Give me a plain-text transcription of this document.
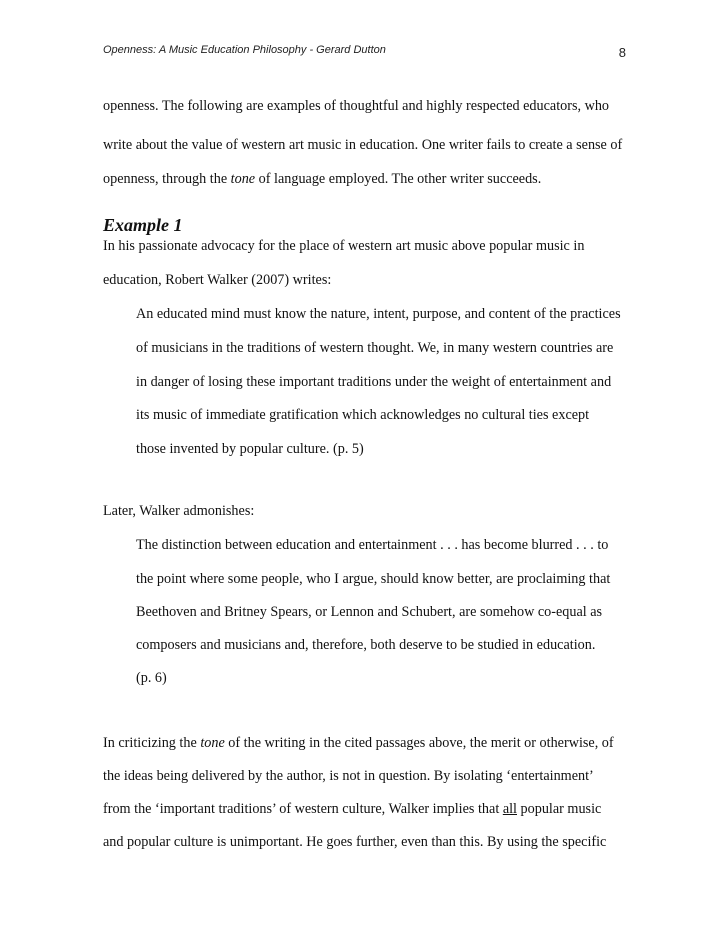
Openness: A Music Education Philosophy - Gerard Dutton	8
openness. The following are examples of thoughtful and highly respected educators, who
write about the value of western art music in education. One writer fails to create a sense of
openness, through the tone of language employed. The other writer succeeds.
Example 1
In his passionate advocacy for the place of western art music above popular music in
education, Robert Walker (2007) writes:
An educated mind must know the nature, intent, purpose, and content of the practices
of musicians in the traditions of western thought. We, in many western countries are
in danger of losing these important traditions under the weight of entertainment and
its music of immediate gratification which acknowledges no cultural ties except
those invented by popular culture. (p. 5)
Later, Walker admonishes:
The distinction between education and entertainment . . . has become blurred . . . to
the point where some people, who I argue, should know better, are proclaiming that
Beethoven and Britney Spears, or Lennon and Schubert, are somehow co-equal as
composers and musicians and, therefore, both deserve to be studied in education.
(p. 6)
In criticizing the tone of the writing in the cited passages above, the merit or otherwise, of
the ideas being delivered by the author, is not in question. By isolating ‘entertainment’
from the ‘important traditions’ of western culture, Walker implies that all popular music
and popular culture is unimportant. He goes further, even than this. By using the specific
